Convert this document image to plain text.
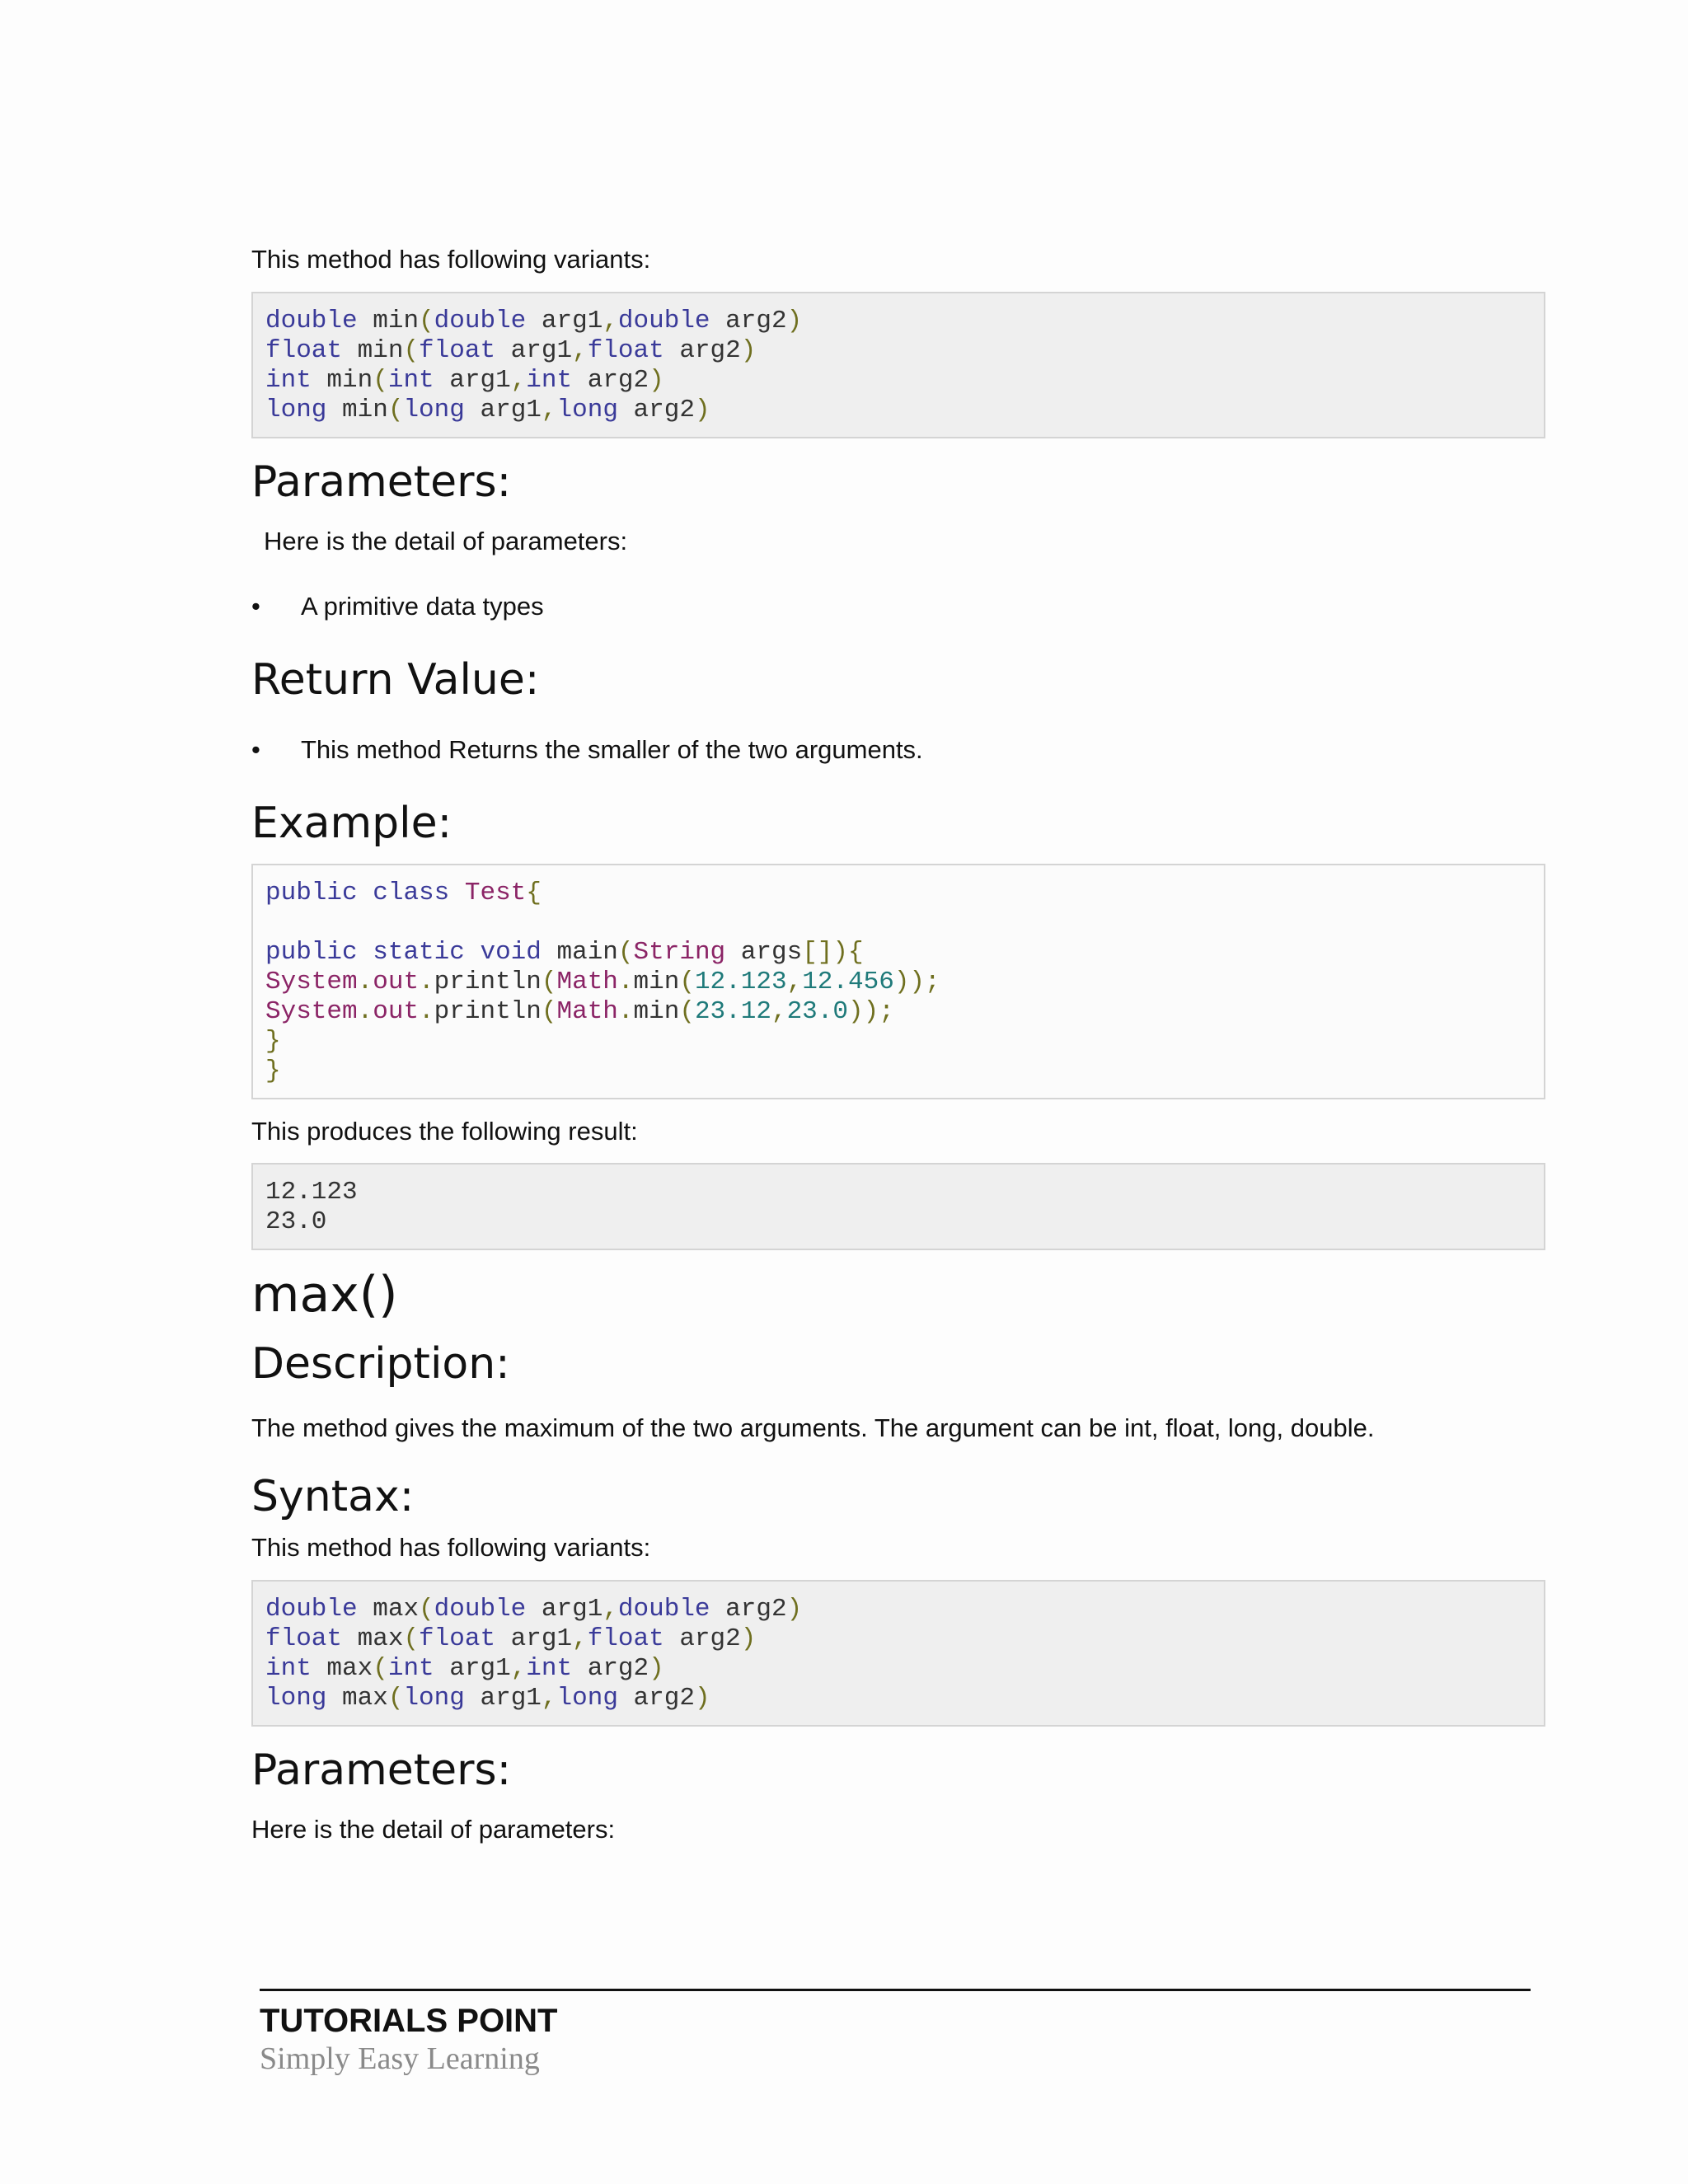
This method has following variants:

double min(double arg1,double arg2)
float min(float arg1,float arg2)
int min(int arg1,int arg2)
long min(long arg1,long arg2)
Parameters:

Here is the detail of parameters:

• A primitive data types
Return Value:
• This method Returns the smaller of the two arguments.
Example:
public class Test{

public static void main(String args[]){
System.out.println(Math.min(12.123,12.456));
System.out.println(Math.min(23.12,23.0));
}
}

This produces the following result:

12.123
23.0
max()
Description:

The method gives the maximum of the two arguments. The argument can be int, float, long, double.

Syntax:

This method has following variants:

double max(double arg1,double arg2)
float max(float arg1,float arg2)
int max(int arg1,int arg2)
long max(long arg1,long arg2)
Parameters:

Here is the detail of parameters:

TUTORIALS POINT
Simply Easy Learning
